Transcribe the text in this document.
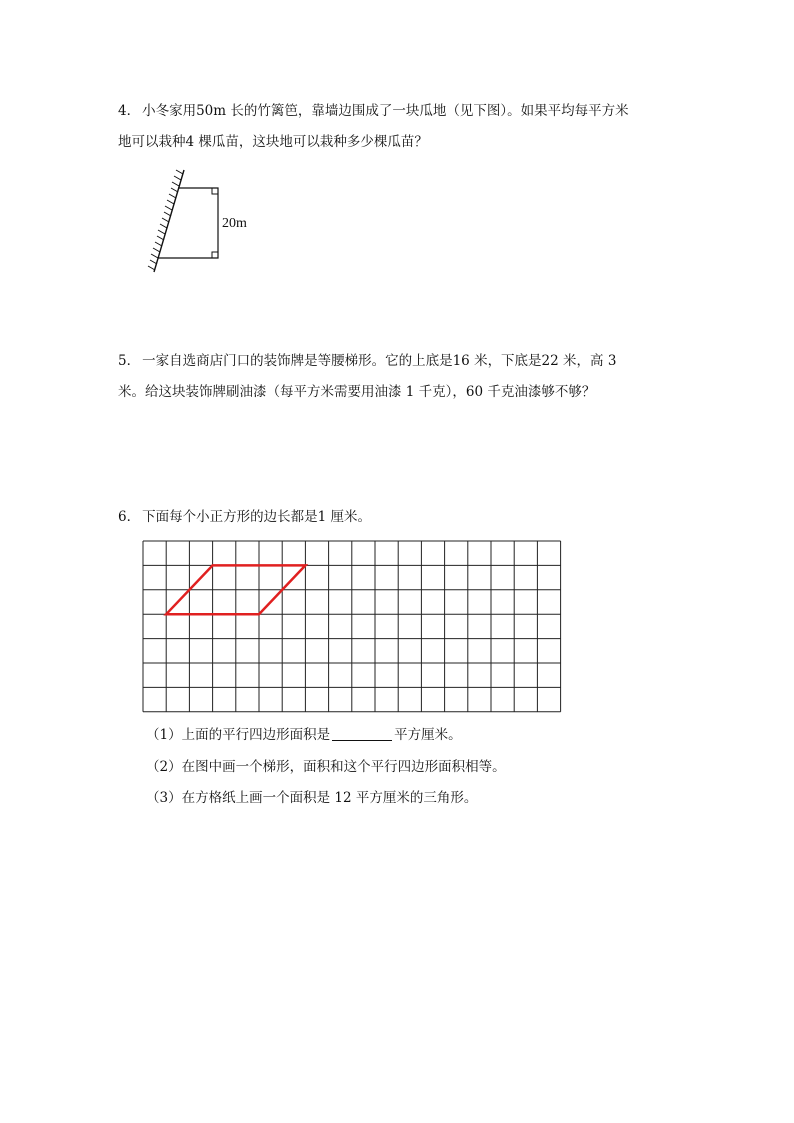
4． 小冬家用50m 长的竹篱笆，靠墙边围成了一块瓜地（见下图）。如果平均每平方米
地可以栽种4 棵瓜苗，这块地可以栽种多少棵瓜苗？
20m
5． 一家自选商店门口的装饰牌是等腰梯形。它的上底是16 米，下底是22 米，高 3
米。给这块装饰牌刷油漆（每平方米需要用油漆 1 千克），60 千克油漆够不够？
6． 下面每个小正方形的边长都是1 厘米。
（1）上面的平行四边形面积是	平方厘米。
（2）在图中画一个梯形，面积和这个平行四边形面积相等。
（3）在方格纸上画一个面积是 12 平方厘米的三角形。
